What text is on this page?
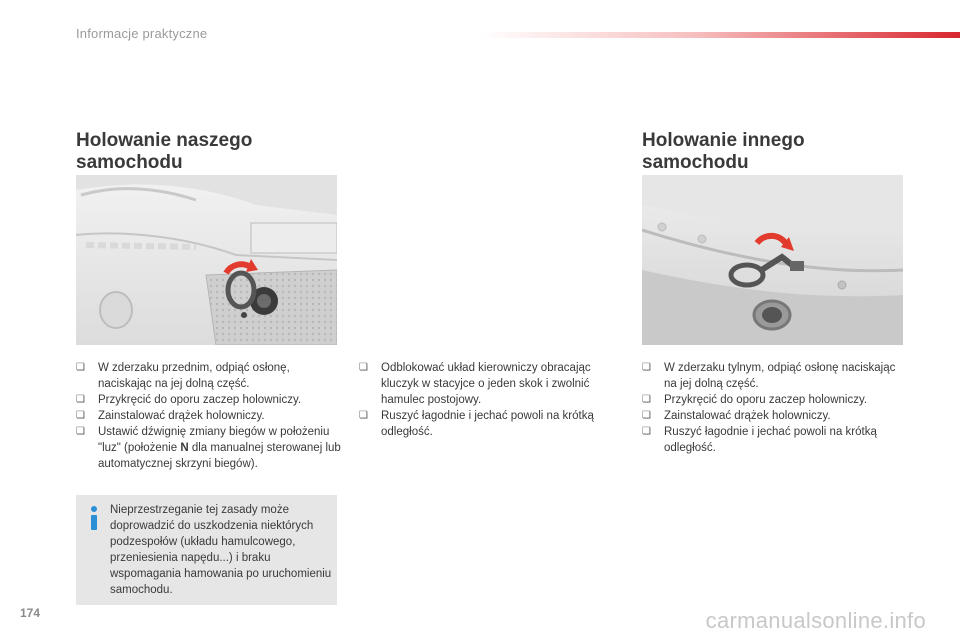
Informacje praktyczne
Holowanie naszego samochodu
Holowanie innego samochodu
❏ W zderzaku przednim, odpiąć osłonę, naciskając na jej dolną część.
❏ Przykręcić do oporu zaczep holowniczy.
❏ Zainstalować drążek holowniczy.
❏ Ustawić dźwignię zmiany biegów w położeniu "luz" (położenie N dla manualnej sterowanej lub automatycznej skrzyni biegów).
❏ Odblokować układ kierowniczy obracając kluczyk w stacyjce o jeden skok i zwolnić hamulec postojowy.
❏ Ruszyć łagodnie i jechać powoli na krótką odległość.
❏ W zderzaku tylnym, odpiąć osłonę naciskając na jej dolną część.
❏ Przykręcić do oporu zaczep holowniczy.
❏ Zainstalować drążek holowniczy.
❏ Ruszyć łagodnie i jechać powoli na krótką odległość.

Nieprzestrzeganie tej zasady może doprowadzić do uszkodzenia niektórych podzespołów (układu hamulcowego, przeniesienia napędu...) i braku wspomagania hamowania po uruchomieniu samochodu.

174	carmanualsonline.info
